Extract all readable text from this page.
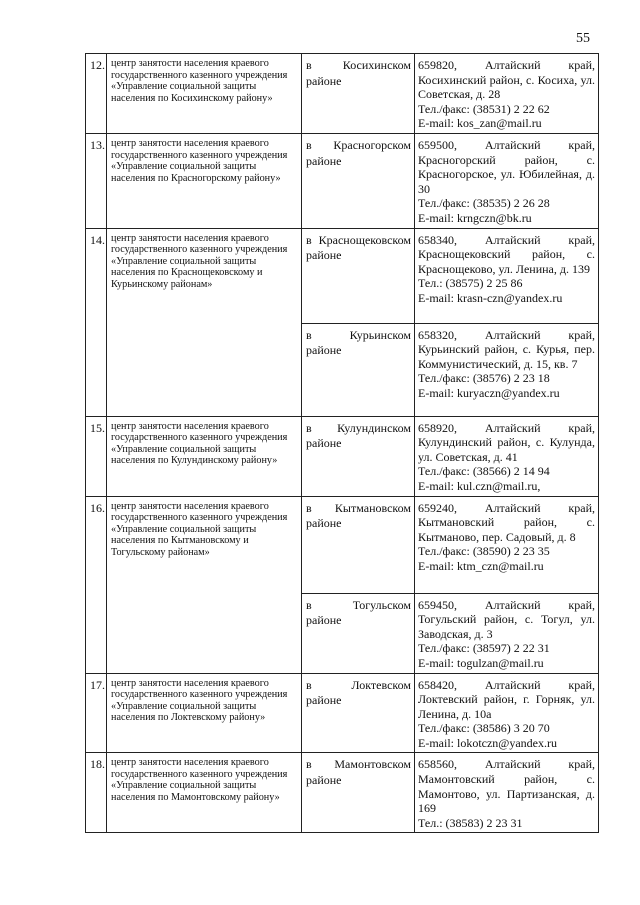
55
12.	центр занятости населения краевого государственного казенного учреждения «Управление социальной защиты населения по Косихинскому району»	в Косихинском районе	659820, Алтайский край, Косихинский район, с. Косиха, ул. Советская, д. 28
Тел./факс: (38531) 2 22 62
E-mail: kos_zan@mail.ru

13.	центр занятости населения краевого государственного казенного учреждения «Управление социальной защиты населения по Красногорскому району»	в Красногорском районе	659500, Алтайский край, Красногорский район, с. Красногорское, ул. Юбилейная, д. 30
Тел./факс: (38535) 2 26 28
E-mail: krngczn@bk.ru

14.	центр занятости населения краевого государственного казенного учреждения «Управление социальной защиты населения по Краснощековскому и Курьинскому районам»	в Краснощековском районе	658340, Алтайский край, Краснощековский район, с. Краснощеково, ул. Ленина, д. 139
Тел.: (38575) 2 25 86
E-mail: krasn-czn@yandex.ru

		в Курьинском районе	658320, Алтайский край, Курьинский район, с. Курья, пер. Коммунистический, д. 15, кв. 7
Тел./факс: (38576) 2 23 18
E-mail: kuryaczn@yandex.ru

15.	центр занятости населения краевого государственного казенного учреждения «Управление социальной защиты населения по Кулундинскому району»	в Кулундинском районе	658920, Алтайский край, Кулундинский район, с. Кулунда, ул. Советская, д. 41
Тел./факс: (38566) 2 14 94
E-mail: kul.czn@mail.ru,

16.	центр занятости населения краевого государственного казенного учреждения «Управление социальной защиты населения по Кытмановскому и Тогульскому районам»	в Кытмановском районе	659240, Алтайский край, Кытмановский район, с. Кытманово, пер. Садовый, д. 8
Тел./факс: (38590) 2 23 35
E-mail: ktm_czn@mail.ru

		в Тогульском районе	659450, Алтайский край, Тогульский район, с. Тогул, ул. Заводская, д. 3
Тел./факс: (38597) 2 22 31
E-mail: togulzan@mail.ru

17.	центр занятости населения краевого государственного казенного учреждения «Управление социальной защиты населения по Локтевскому району»	в Локтевском районе	658420, Алтайский край, Локтевский район, г. Горняк, ул. Ленина, д. 10а
Тел./факс: (38586) 3 20 70
E-mail: lokotczn@yandex.ru

18.	центр занятости населения краевого государственного казенного учреждения «Управление социальной защиты населения по Мамонтовскому району»	в Мамонтовском районе	658560, Алтайский край, Мамонтовский район, с. Мамонтово, ул. Партизанская, д. 169
Тел.: (38583) 2 23 31
